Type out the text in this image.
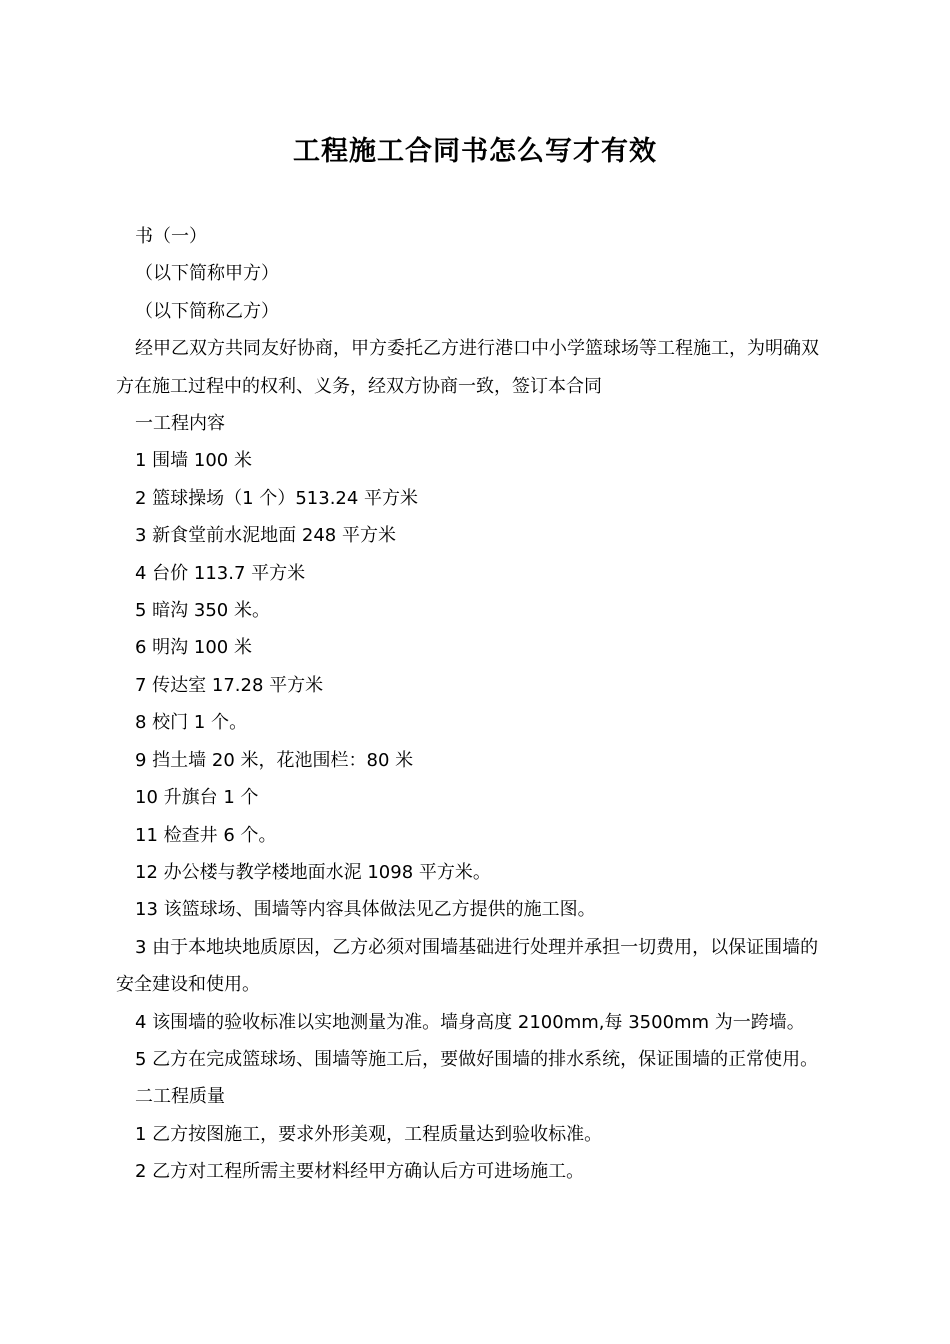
工程施工合同书怎么写才有效

书（一）

（以下简称甲方）

（以下简称乙方）

经甲乙双方共同友好协商，甲方委托乙方进行港口中小学篮球场等工程施工，为明确双方在施工过程中的权利、义务，经双方协商一致，签订本合同

一工程内容

1 围墙 100 米

2 篮球操场（1 个）513.24 平方米

3 新食堂前水泥地面 248 平方米

4 台价 113.7 平方米

5 暗沟 350 米。

6 明沟 100 米

7 传达室 17.28 平方米

8 校门 1 个。

9 挡土墙 20 米，花池围栏：80 米

10 升旗台 1 个

11 检查井 6 个。

12 办公楼与教学楼地面水泥 1098 平方米。

13 该篮球场、围墙等内容具体做法见乙方提供的施工图。

3 由于本地块地质原因，乙方必须对围墙基础进行处理并承担一切费用，以保证围墙的安全建设和使用。

4 该围墙的验收标准以实地测量为准。墙身高度 2100mm,每 3500mm 为一跨墙。

5 乙方在完成篮球场、围墙等施工后，要做好围墙的排水系统，保证围墙的正常使用。

二工程质量

1 乙方按图施工，要求外形美观，工程质量达到验收标准。

2 乙方对工程所需主要材料经甲方确认后方可进场施工。
